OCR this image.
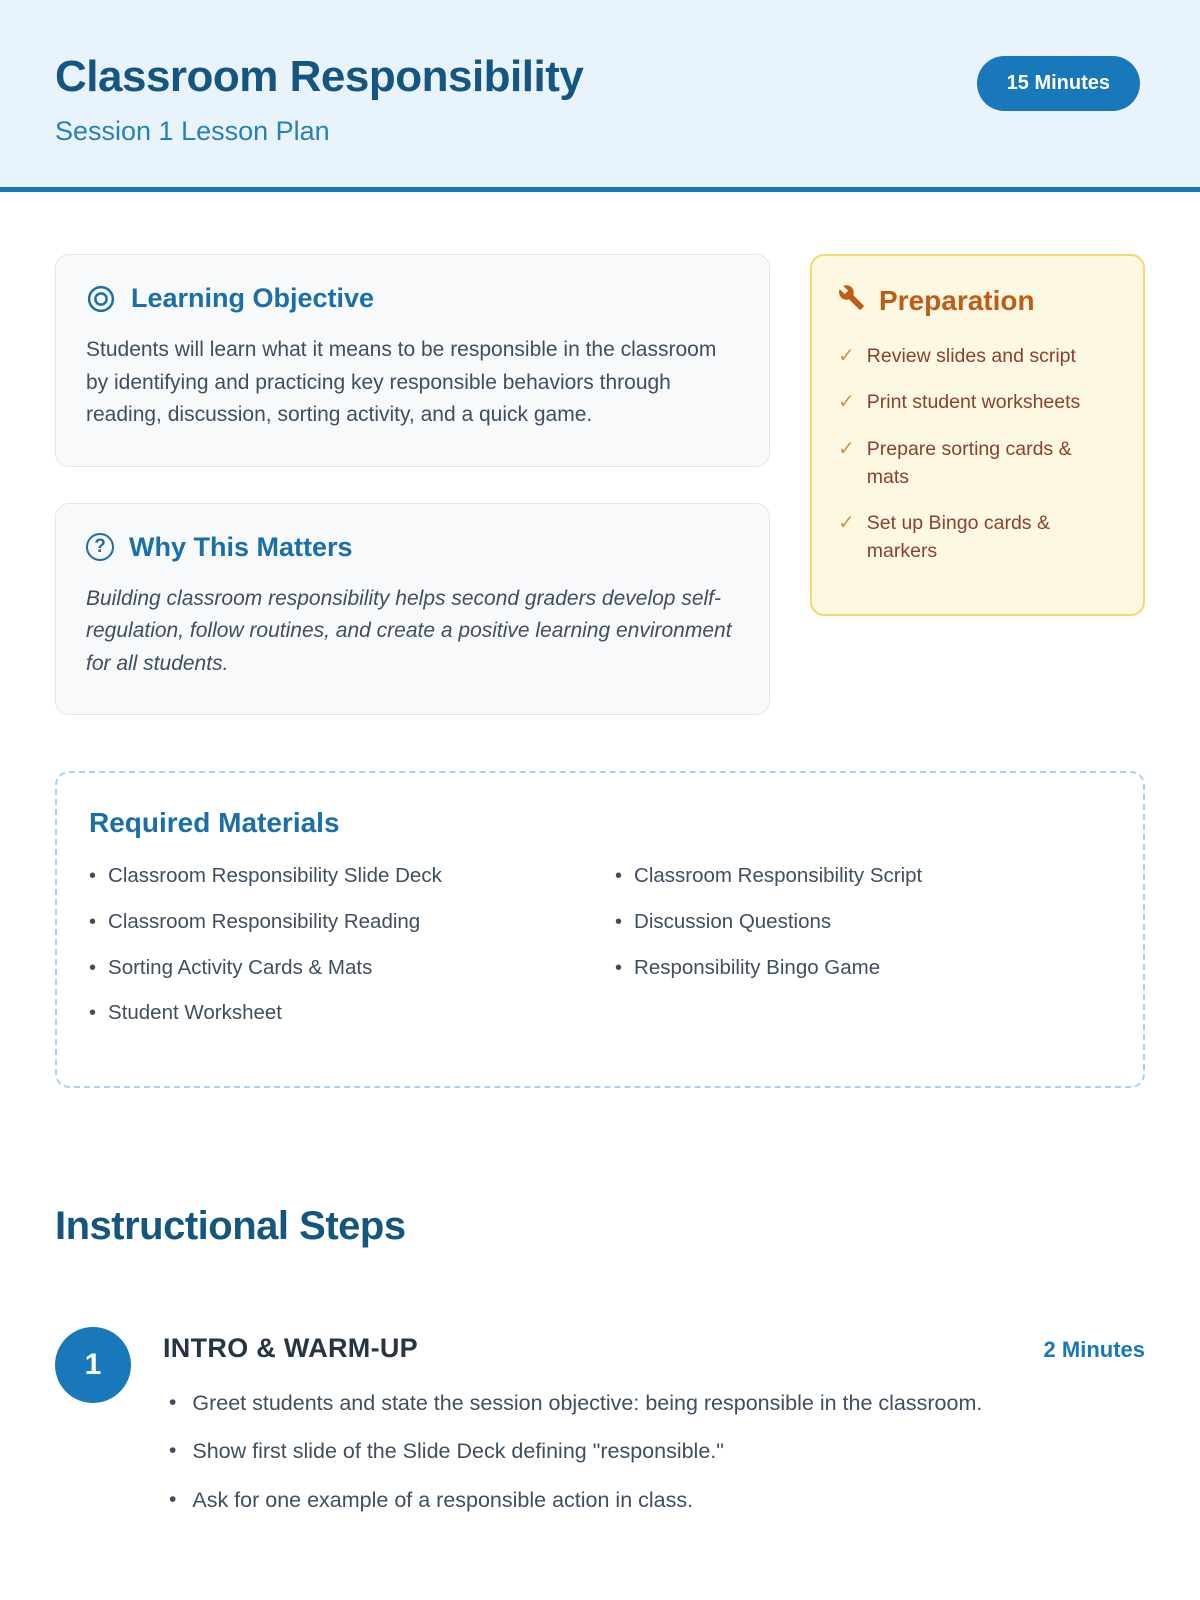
Classroom Responsibility
Session 1 Lesson Plan
15 Minutes
Learning Objective

Students will learn what it means to be responsible in the classroom by identifying and practicing key responsible behaviors through reading, discussion, sorting activity, and a quick game.

? Why This Matters

Building classroom responsibility helps second graders develop self-regulation, follow routines, and create a positive learning environment for all students.

Preparation
✓ Review slides and script
✓ Print student worksheets
✓ Prepare sorting cards & mats
✓ Set up Bingo cards & markers
Required Materials
• Classroom Responsibility Slide Deck
• Classroom Responsibility Reading
• Sorting Activity Cards & Mats
• Student Worksheet
• Classroom Responsibility Script
• Discussion Questions
• Responsibility Bingo Game
Instructional Steps
1	INTRO & WARM-UP	2 Minutes
• Greet students and state the session objective: being responsible in the classroom.
• Show first slide of the Slide Deck defining "responsible."
• Ask for one example of a responsible action in class.
